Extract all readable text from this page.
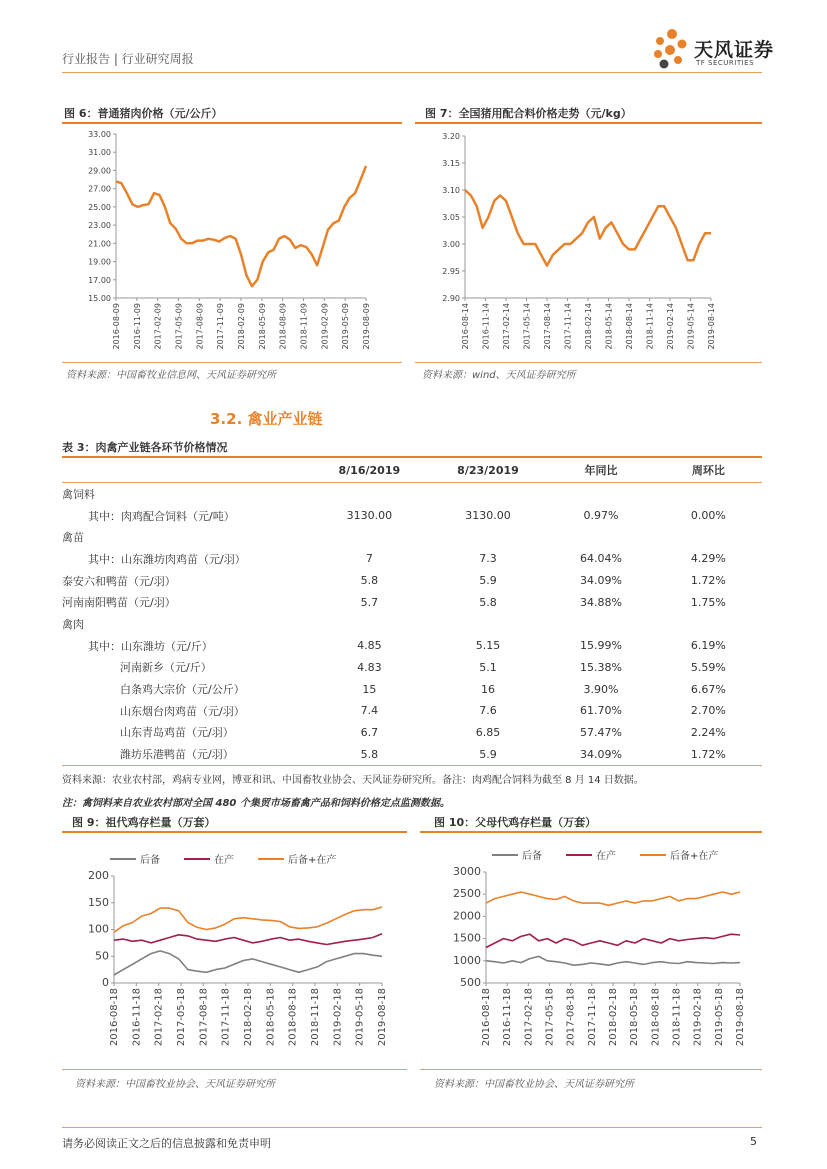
行业报告 | 行业研究周报	天风证券
TF SECURITIES
图 6：普通猪肉价格（元/公斤）
33.00
31.00
29.00
27.00
25.00
23.00
21.00
19.00
17.00
15.00
2016-08-09 2016-11-09 2017-02-09 2017-05-09 2017-08-09 2017-11-09 2018-02-09 2018-05-09 2018-08-09 2018-11-09 2019-02-09 2019-05-09 2019-08-09
资料来源：中国畜牧业信息网、天风证券研究所
图 7：全国猪用配合料价格走势（元/kg）
3.20
3.15
3.10
3.05
3.00
2.95
2.90
2016-08-14 2016-11-14 2017-02-14 2017-05-14 2017-08-14 2017-11-14 2018-02-14 2018-05-14 2018-08-14 2018-11-14 2019-02-14 2019-05-14 2019-08-14
资料来源：wind、天风证券研究所
3.2. 禽业产业链
表 3：肉禽产业链各环节价格情况
	8/16/2019	8/23/2019	年同比	周环比
禽饲料				
其中：肉鸡配合饲料（元/吨）	3130.00	3130.00	0.97%	0.00%
禽苗				
其中：山东潍坊肉鸡苗（元/羽）	7	7.3	64.04%	4.29%
泰安六和鸭苗（元/羽）	5.8	5.9	34.09%	1.72%
河南南阳鸭苗（元/羽）	5.7	5.8	34.88%	1.75%
禽肉				
其中：山东潍坊（元/斤）	4.85	5.15	15.99%	6.19%
河南新乡（元/斤）	4.83	5.1	15.38%	5.59%
白条鸡大宗价（元/公斤）	15	16	3.90%	6.67%
山东烟台肉鸡苗（元/羽）	7.4	7.6	61.70%	2.70%
山东青岛鸡苗（元/羽）	6.7	6.85	57.47%	2.24%
潍坊乐港鸭苗（元/羽）	5.8	5.9	34.09%	1.72%
资料来源：农业农村部，鸡病专业网，博亚和讯、中国畜牧业协会、天风证券研究所。备注：肉鸡配合饲料为截至 8 月 14 日数据。
注：禽饲料来自农业农村部对全国 480 个集贸市场畜禽产品和饲料价格定点监测数据。
图 9：祖代鸡存栏量（万套）
200
150
100
50
0
2016-08-18 2016-11-18 2017-02-18 2017-05-18 2017-08-18 2017-11-18 2018-02-18 2018-05-18 2018-08-18 2018-11-18 2019-02-18 2019-05-18 2019-08-18
后备	在产	后备+在产
资料来源：中国畜牧业协会、天风证券研究所
图 10：父母代鸡存栏量（万套）
3000
2500
2000
1500
1000
500
2016-08-18 2016-11-18 2017-02-18 2017-05-18 2017-08-18 2017-11-18 2018-02-18 2018-05-18 2018-08-18 2018-11-18 2019-02-18 2019-05-18 2019-08-18
后备	在产	后备+在产
资料来源：中国畜牧业协会、天风证券研究所
请务必阅读正文之后的信息披露和免责申明	5
